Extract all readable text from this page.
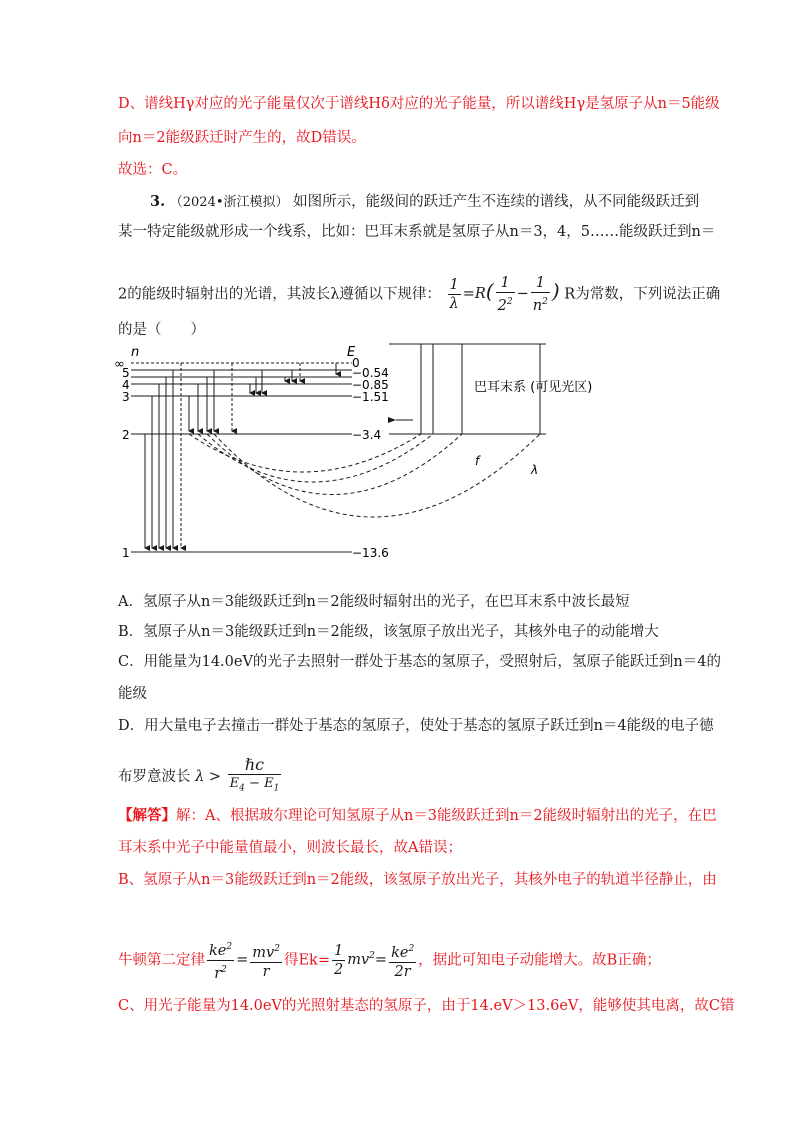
D、谱线Hγ对应的光子能量仅次于谱线Hδ对应的光子能量，所以谱线Hγ是氢原子从n＝5能级
向n＝2能级跃迁时产生的，故D错误。
故选：C。
3. （2024•浙江模拟） 如图所示，能级间的跃迁产生不连续的谱线，从不同能级跃迁到
某一特定能级就形成一个线系，比如：巴耳末系就是氢原子从n＝3，4，5……能级跃迁到n＝
2的能级时辐射出的光谱，其波长λ遵循以下规律： $\frac{1}{\lambda} =R( \frac{1}{2^2} - \frac{1}{n^2}$ ) R为常数，下列说法正确
的是（　　）
n	E
∞
5
4
3
2
1
0
−0.54
−0.85
−1.51
−3.4
−13.6
巴耳末系 (可见光区)
f
λ
A．氢原子从n＝3能级跃迁到n＝2能级时辐射出的光子，在巴耳末系中波长最短
B．氢原子从n＝3能级跃迁到n＝2能级，该氢原子放出光子，其核外电子的动能增大
C．用能量为14.0eV的光子去照射一群处于基态的氢原子，受照射后，氢原子能跃迁到n＝4的
能级
D．用大量电子去撞击一群处于基态的氢原子，使处于基态的氢原子跃迁到n＝4能级的电子德
布罗意波长 $\lambda > \frac{\text{ℏc}}{E_4 - E_1}$
【解答】解：A、根据玻尔理论可知氢原子从n＝3能级跃迁到n＝2能级时辐射出的光子，在巴
耳末系中光子中能量值最小，则波长最长，故A错误；
B、氢原子从n＝3能级跃迁到n＝2能级，该氢原子放出光子，其核外电子的轨道半径静止，由
牛顿第二定律 $\frac{ke^2}{r^2} = \frac{mv^2}{r}$ 得$Ek= \frac{1}{2} mv^2= \frac{ke^2}{2r}$ ，据此可知电子动能增大。故B正确；
C、用光子能量为14.0eV的光照射基态的氢原子，由于14.eV＞13.6eV，能够使其电离，故C错
